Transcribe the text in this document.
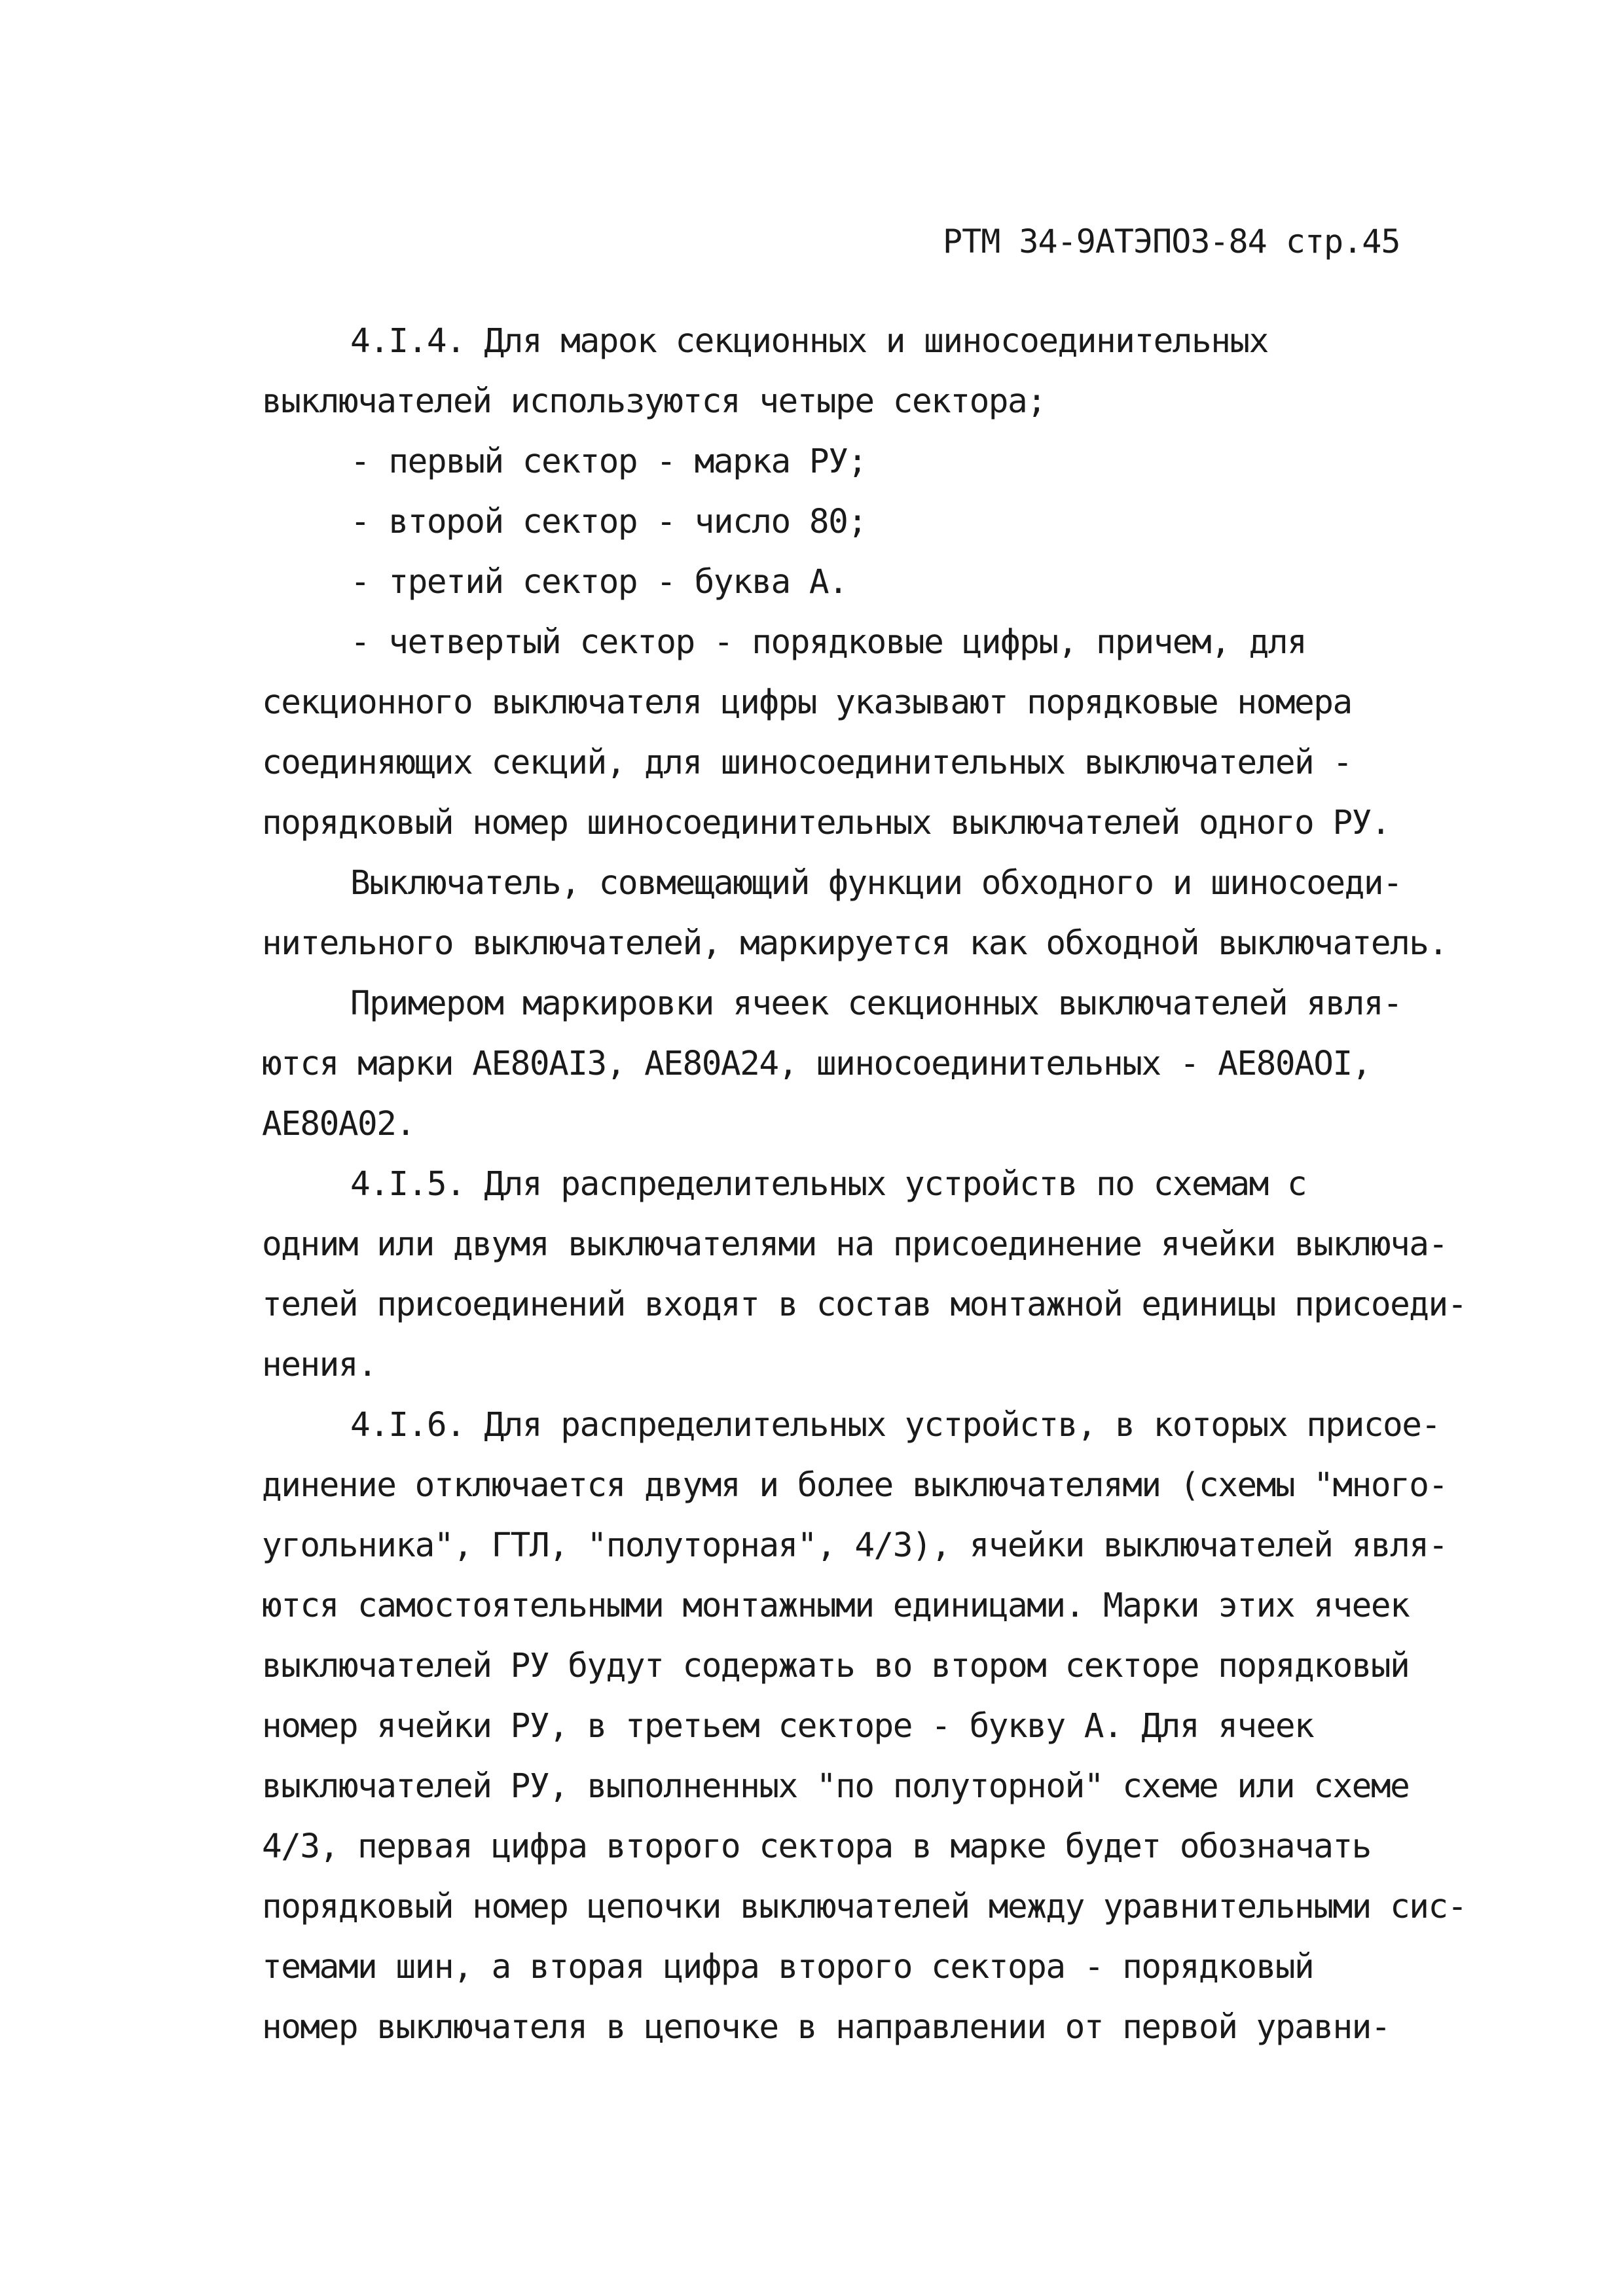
РТМ 34-9АТЭПОЗ-84 стр.45
4.I.4. Для марок секционных и шиносоединительных
выключателей используются четыре сектора;
- первый сектор - марка РУ;
- второй сектор - число 80;
- третий сектор - буква А.
- четвертый сектор - порядковые цифры, причем, для
секционного выключателя цифры указывают порядковые номера
соединяющих секций, для шиносоединительных выключателей -
порядковый номер шиносоединительных выключателей одного РУ.
Выключатель, совмещающий функции обходного и шиносоеди-
нительного выключателей, маркируется как обходной выключатель.
Примером маркировки ячеек секционных выключателей явля-
ются марки АЕ80АI3, АЕ80А24, шиносоединительных - АЕ80АОI,
АЕ80А02.
4.I.5. Для распределительных устройств по схемам с
одним или двумя выключателями на присоединение ячейки выключа-
телей присоединений входят в состав монтажной единицы присоеди-
нения.
4.I.6. Для распределительных устройств, в которых присое-
динение отключается двумя и более выключателями (схемы "много-
угольника", ГТЛ, "полуторная", 4/3), ячейки выключателей явля-
ются самостоятельными монтажными единицами. Марки этих ячеек
выключателей РУ будут содержать во втором секторе порядковый
номер ячейки РУ, в третьем секторе - букву А. Для ячеек
выключателей РУ, выполненных "по полуторной" схеме или схеме
4/3, первая цифра второго сектора в марке будет обозначать
порядковый номер цепочки выключателей между уравнительными сис-
темами шин, а вторая цифра второго сектора - порядковый
номер выключателя в цепочке в направлении от первой уравни-
